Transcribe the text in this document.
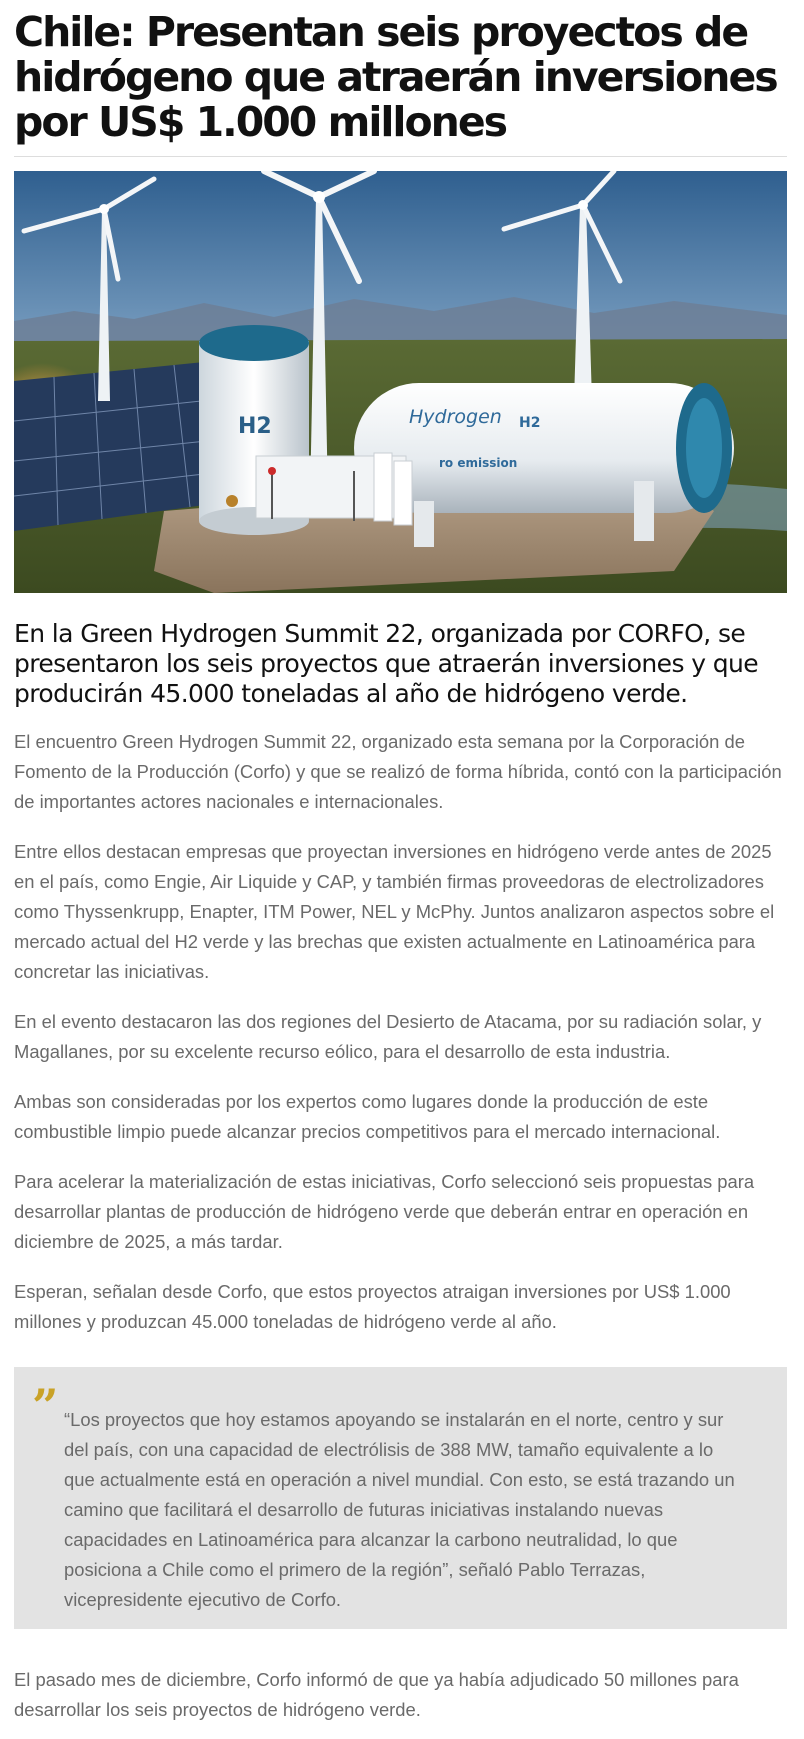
Chile: Presentan seis proyectos de hidrógeno que atraerán inversiones por US$ 1.000 millones
Hydrogen H2
ro emission
H2
En la Green Hydrogen Summit 22, organizada por CORFO, se presentaron los seis proyectos que atraerán inversiones y que producirán 45.000 toneladas al año de hidrógeno verde.

El encuentro Green Hydrogen Summit 22, organizado esta semana por la Corporación de Fomento de la Producción (Corfo) y que se realizó de forma híbrida, contó con la participación de importantes actores nacionales e internacionales.

Entre ellos destacan empresas que proyectan inversiones en hidrógeno verde antes de 2025 en el país, como Engie, Air Liquide y CAP, y también firmas proveedoras de electrolizadores como Thyssenkrupp, Enapter, ITM Power, NEL y McPhy. Juntos analizaron aspectos sobre el mercado actual del H2 verde y las brechas que existen actualmente en Latinoamérica para concretar las iniciativas.

En el evento destacaron las dos regiones del Desierto de Atacama, por su radiación solar, y Magallanes, por su excelente recurso eólico, para el desarrollo de esta industria.

Ambas son consideradas por los expertos como lugares donde la producción de este combustible limpio puede alcanzar precios competitivos para el mercado internacional.

Para acelerar la materialización de estas iniciativas, Corfo seleccionó seis propuestas para desarrollar plantas de producción de hidrógeno verde que deberán entrar en operación en diciembre de 2025, a más tardar.

Esperan, señalan desde Corfo, que estos proyectos atraigan inversiones por US$ 1.000 millones y produzcan 45.000 toneladas de hidrógeno verde al año.

” “Los proyectos que hoy estamos apoyando se instalarán en el norte, centro y sur del país, con una capacidad de electrólisis de 388 MW, tamaño equivalente a lo que actualmente está en operación a nivel mundial. Con esto, se está trazando un camino que facilitará el desarrollo de futuras iniciativas instalando nuevas capacidades en Latinoamérica para alcanzar la carbono neutralidad, lo que posiciona a Chile como el primero de la región”, señaló Pablo Terrazas, vicepresidente ejecutivo de Corfo.

El pasado mes de diciembre, Corfo informó de que ya había adjudicado 50 millones para desarrollar los seis proyectos de hidrógeno verde.
